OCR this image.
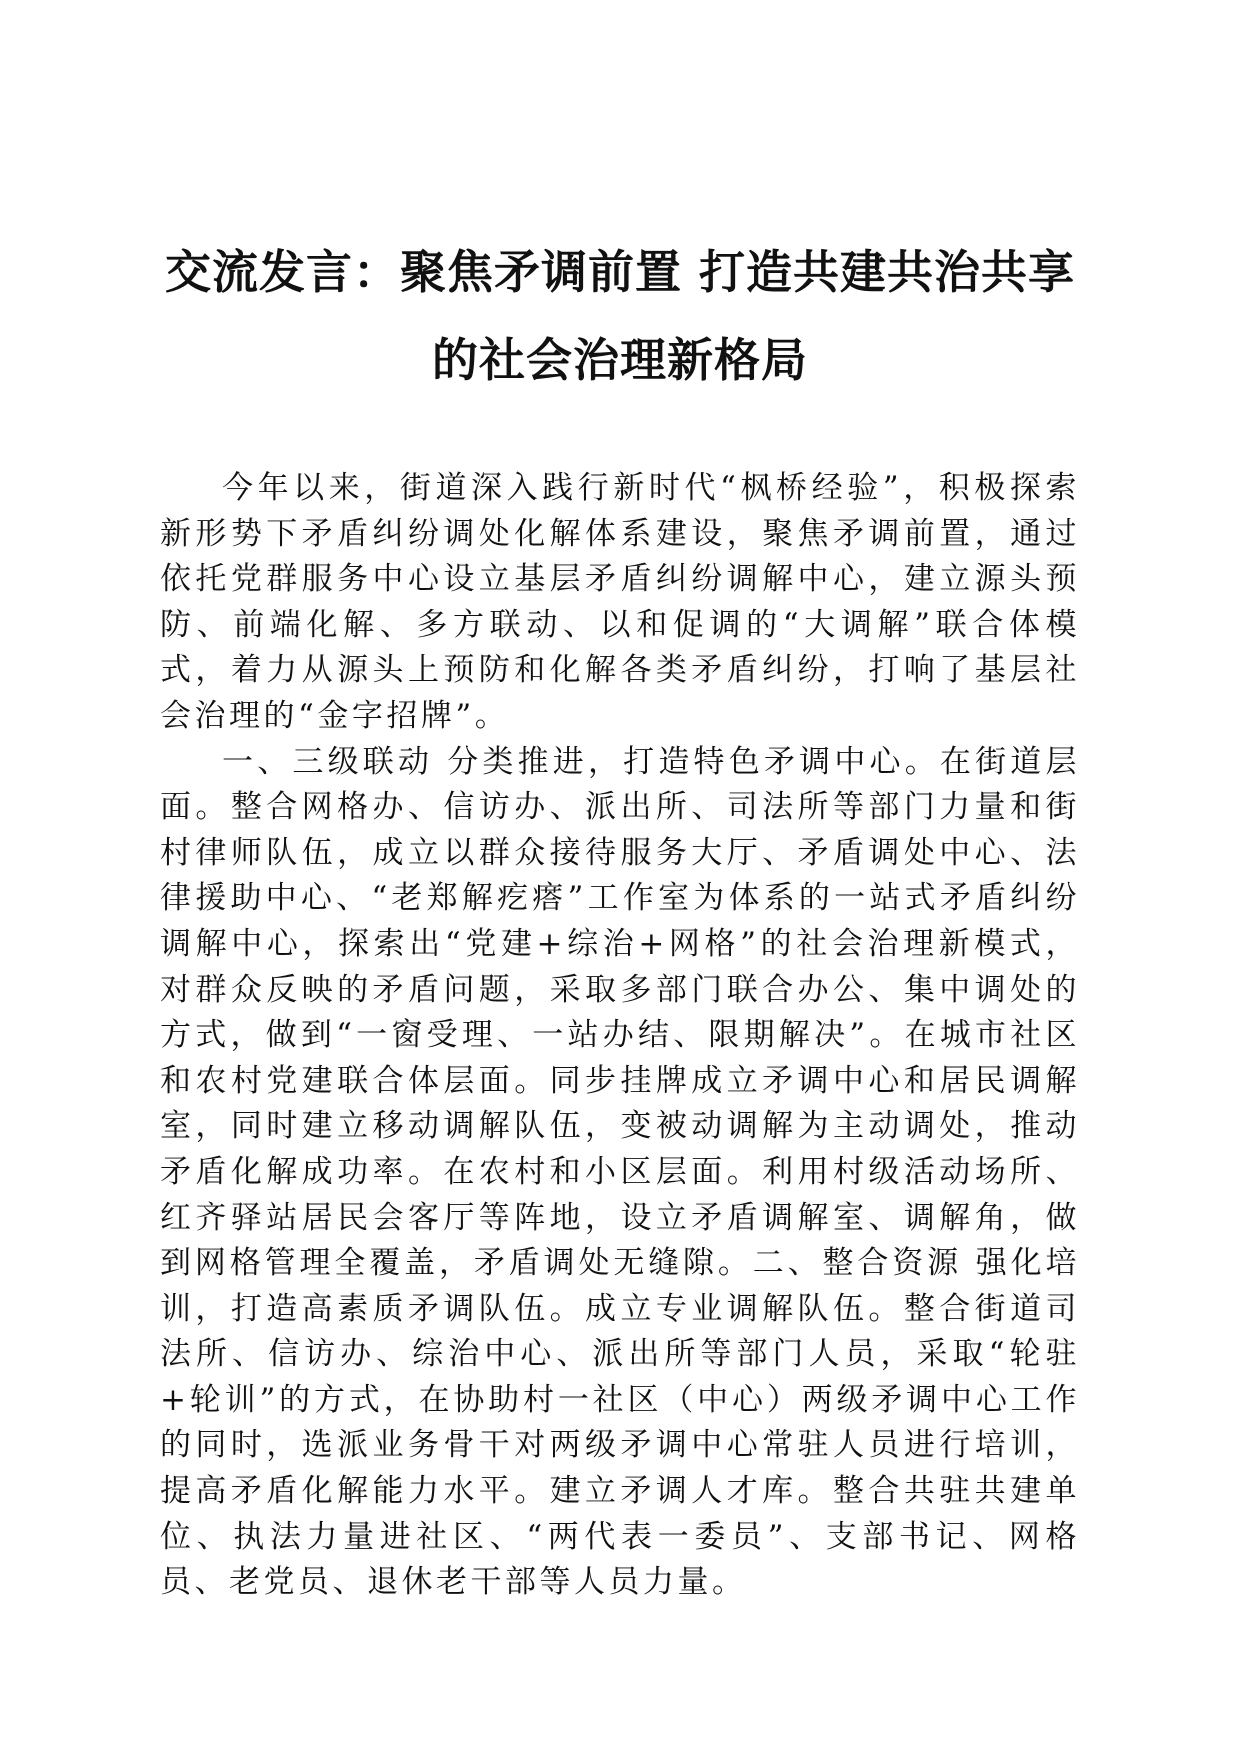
交流发言：聚焦矛调前置 打造共建共治共享
的社会治理新格局

今年以来，街道深入践行新时代“枫桥经验”，积极探索新形势下矛盾纠纷调处化解体系建设，聚焦矛调前置，通过依托党群服务中心设立基层矛盾纠纷调解中心，建立源头预防、前端化解、多方联动、以和促调的“大调解”联合体模式，着力从源头上预防和化解各类矛盾纠纷，打响了基层社会治理的“金字招牌”。

一、三级联动 分类推进，打造特色矛调中心。在街道层面。整合网格办、信访办、派出所、司法所等部门力量和街村律师队伍，成立以群众接待服务大厅、矛盾调处中心、法律援助中心、“老郑解疙瘩”工作室为体系的一站式矛盾纠纷调解中心，探索出“党建+综治+网格”的社会治理新模式，对群众反映的矛盾问题，采取多部门联合办公、集中调处的方式，做到“一窗受理、一站办结、限期解决”。在城市社区和农村党建联合体层面。同步挂牌成立矛调中心和居民调解室，同时建立移动调解队伍，变被动调解为主动调处，推动矛盾化解成功率。在农村和小区层面。利用村级活动场所、红齐驿站居民会客厅等阵地，设立矛盾调解室、调解角，做到网格管理全覆盖，矛盾调处无缝隙。二、整合资源 强化培训，打造高素质矛调队伍。成立专业调解队伍。整合街道司法所、信访办、综治中心、派出所等部门人员，采取“轮驻+轮训”的方式，在协助村一社区（中心）两级矛调中心工作的同时，选派业务骨干对两级矛调中心常驻人员进行培训，提高矛盾化解能力水平。建立矛调人才库。整合共驻共建单位、执法力量进社区、“两代表一委员”、支部书记、网格员、老党员、退休老干部等人员力量。
